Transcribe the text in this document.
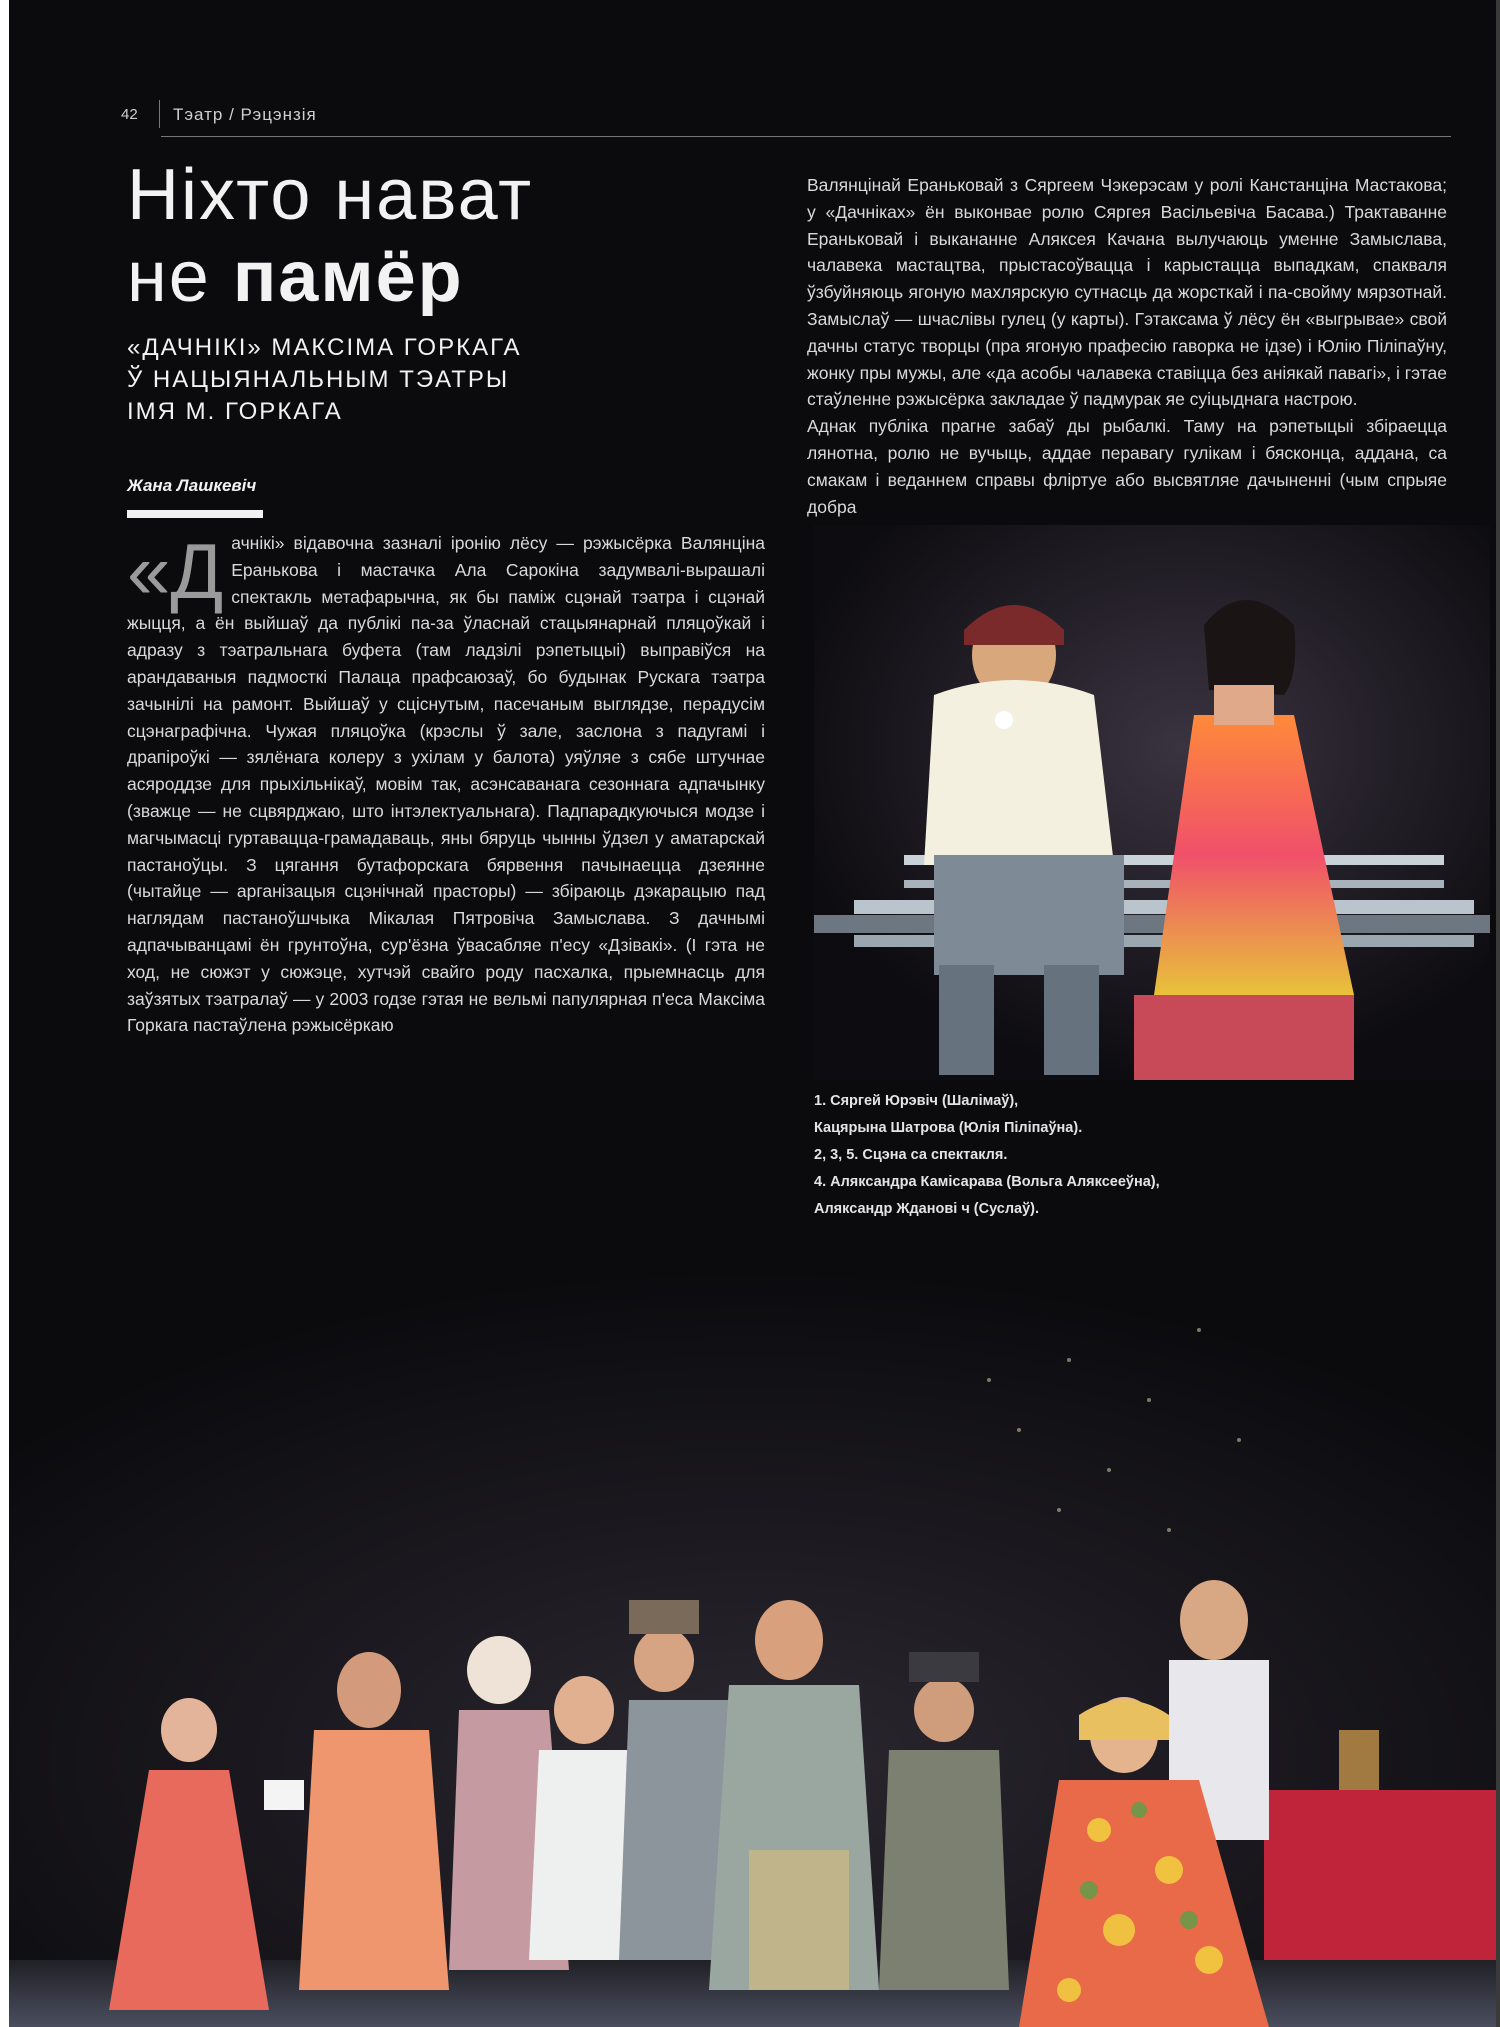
42 Тэатр / Рэцэнзія
Ніхто нават
не памёр
«ДАЧНІКІ» МАКСІМА ГОРКАГА
Ў НАЦЫЯНАЛЬНЫМ ТЭАТРЫ
ІМЯ М. ГОРКАГА
Жана Лашкевіч
«Д ачнікі» відавочна зазналі іронію лёсу — рэжысёрка Валянціна Еранькова і мастачка Ала Сарокіна задумвалі-вырашалі спектакль метафарычна, як бы паміж сцэнай тэатра і сцэнай жыцця, а ён выйшаў да публікі па-за ўласнай стацыянарнай пляцоўкай і адразу з тэатральнага буфета (там ладзілі рэпетыцыі) выправіўся на арандаваныя падмосткі Палаца прафсаюзаў, бо будынак Рускага тэатра зачынілі на рамонт. Выйшаў у сціснутым, пасечаным выглядзе, перадусім сцэнаграфічна. Чужая пляцоўка (крэслы ў зале, заслона з падугамі і драпіроўкі — зялёнага колеру з ухілам у балота) уяўляе з сябе штучнае асяроддзе для прыхільнікаў, мовім так, асэнсаванага сезоннага адпачынку (зважце — не сцвярджаю, што інтэлектуальнага). Падпарадкуючыся модзе і магчымасці гуртавацца-грамадаваць, яны бяруць чынны ўдзел у аматарскай пастаноўцы. З цягання бутафорскага бярвення пачынаецца дзеянне (чытайце — арганізацыя сцэнічнай прасторы) — збіраюць дэкарацыю пад наглядам пастаноўшчыка Мікалая Пятровіча Замыслава. З дачнымі адпачыванцамі ён грунтоўна, сур'ёзна ўвасабляе п'есу «Дзівакі». (І гэта не ход, не сюжэт у сюжэце, хутчэй свайго роду пасхалка, прыемнасць для заўзятых тэатралаў — у 2003 годзе гэтая не вельмі папулярная п'еса Максіма Горкага пастаўлена рэжысёркаю

Валянцінай Ераньковай з Сяргеем Чэкерэсам у ролі Канстанціна Мастакова; у «Дачніках» ён выконвае ролю Сяргея Васільевіча Басава.) Трактаванне Ераньковай і выкананне Аляксея Качана вылучаюць уменне Замыслава, чалавека мастацтва, прыстасоўвацца і карыстацца выпадкам, спакваля ўзбуйняюць ягоную махлярскую сутнасць да жорсткай і па-свойму мярзотнай. Замыслаў — шчаслівы гулец (у карты). Гэтаксама ў лёсу ён «выгрывае» свой дачны статус творцы (пра ягоную прафесію гаворка не ідзе) і Юлію Піліпаўну, жонку пры мужы, але «да асобы чалавека ставіцца без аніякай павагі», і гэтае стаўленне рэжысёрка закладае ў падмурак яе суіцыднага настрою.

Аднак публіка прагне забаў ды рыбалкі. Таму на рэпетыцыі збіраецца лянотна, ролю не вучыць, аддае перавагу гулікам і бясконца, аддана, са смакам і веданнем справы фліртуе або высвятляе дачыненні (чым спрыяе добра

1. Сяргей Юрэвіч (Шалімаў),
Кацярына Шатрова (Юлія Піліпаўна).
2, 3, 5. Сцэна са спектакля.
4. Аляксандра Камісарава (Вольга Аляксееўна),
Аляксандр Жданові ч (Суслаў).
